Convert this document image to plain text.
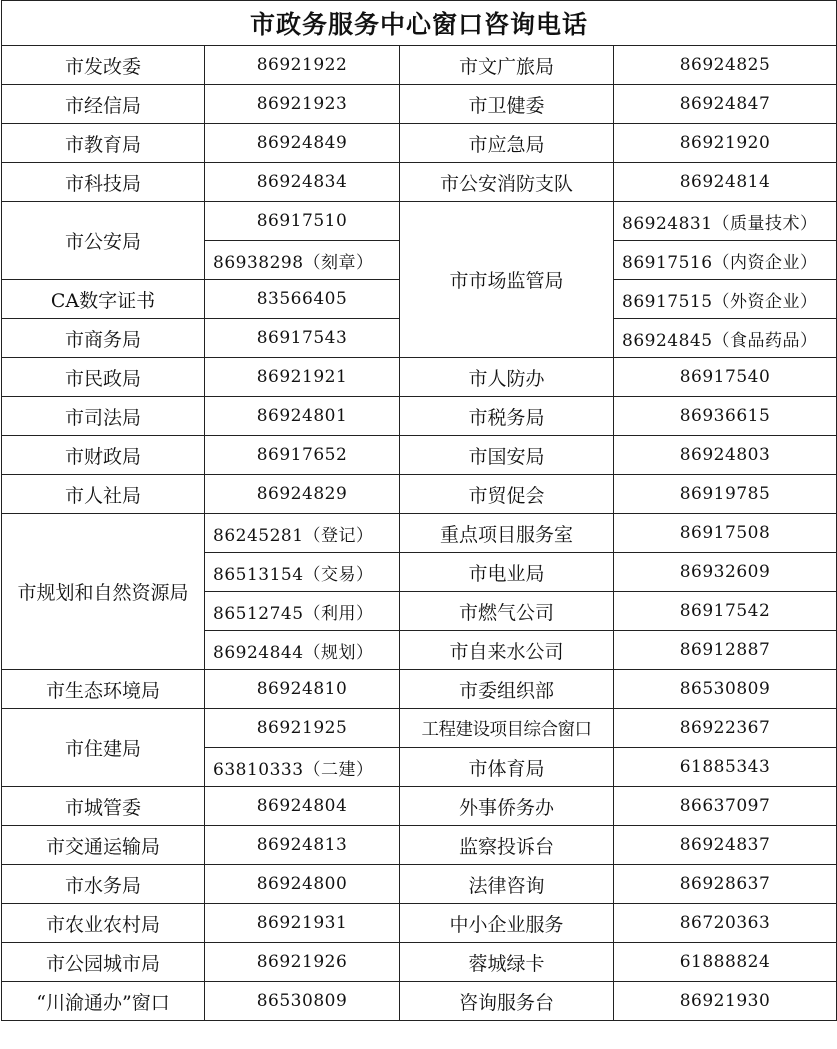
市政务服务中心窗口咨询电话			
市发改委	86921922	市文广旅局	86924825
市经信局	86921923	市卫健委	86924847
市教育局	86924849	市应急局	86921920
市科技局	86924834	市公安消防支队	86924814
市公安局	86917510	市市场监管局	86924831（质量技术）
	86938298（刻章）		86917516（内资企业）
CA数字证书	83566405		86917515（外资企业）
市商务局	86917543		86924845（食品药品）
市民政局	86921921	市人防办	86917540
市司法局	86924801	市税务局	86936615
市财政局	86917652	市国安局	86924803
市人社局	86924829	市贸促会	86919785
市规划和自然资源局	86245281（登记）	重点项目服务室	86917508
	86513154（交易）	市电业局	86932609
	86512745（利用）	市燃气公司	86917542
	86924844（规划）	市自来水公司	86912887
市生态环境局	86924810	市委组织部	86530809
市住建局	86921925	工程建设项目综合窗口	86922367
	63810333（二建）	市体育局	61885343
市城管委	86924804	外事侨务办	86637097
市交通运输局	86924813	监察投诉台	86924837
市水务局	86924800	法律咨询	86928637
市农业农村局	86921931	中小企业服务	86720363
市公园城市局	86921926	蓉城绿卡	61888824
“川渝通办”窗口	86530809	咨询服务台	86921930
